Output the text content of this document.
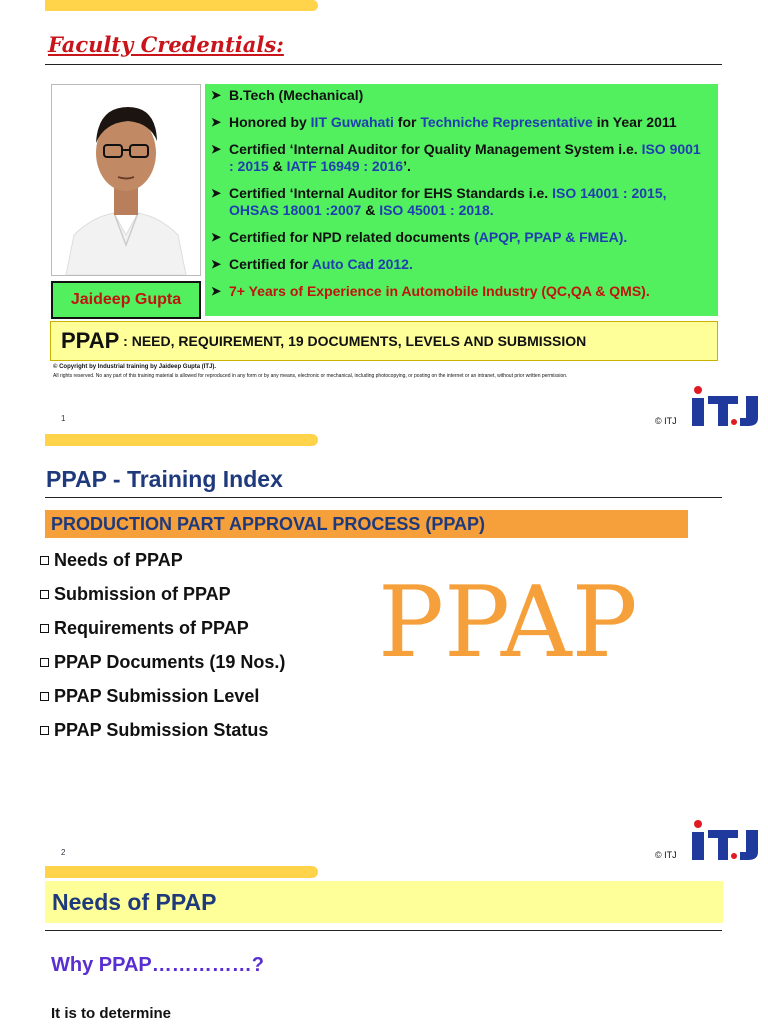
Faculty Credentials:
Jaideep Gupta
➤ B.Tech (Mechanical)
➤ Honored by IIT Guwahati for Techniche Representative in Year 2011
➤ Certified ‘Internal Auditor for Quality Management System i.e. ISO 9001 : 2015 & IATF 16949 : 2016’.
➤ Certified ‘Internal Auditor for EHS Standards i.e. ISO 14001 : 2015, OHSAS 18001 :2007 & ISO 45001 : 2018.
➤ Certified for NPD related documents (APQP, PPAP & FMEA).
➤ Certified for Auto Cad 2012.
➤ 7+ Years of Experience in Automobile Industry (QC,QA & QMS).
PPAP : NEED, REQUIREMENT, 19 DOCUMENTS, LEVELS AND SUBMISSION
© Copyright by Industrial training by Jaideep Gupta (ITJ).
All rights reserved. No any part of this training material is allowed for reproduced in any form or by any means, electronic or mechanical, including photocopying, or posting on the internet or an intranet, without prior written permission.
1	© ITJ
PPAP - Training Index
PRODUCTION PART APPROVAL PROCESS (PPAP)
Needs of PPAP
Submission of PPAP
Requirements of PPAP
PPAP Documents (19 Nos.)
PPAP Submission Level
PPAP Submission Status
PPAP
2	© ITJ
Needs of PPAP
Why PPAP……………?
It is to determine
